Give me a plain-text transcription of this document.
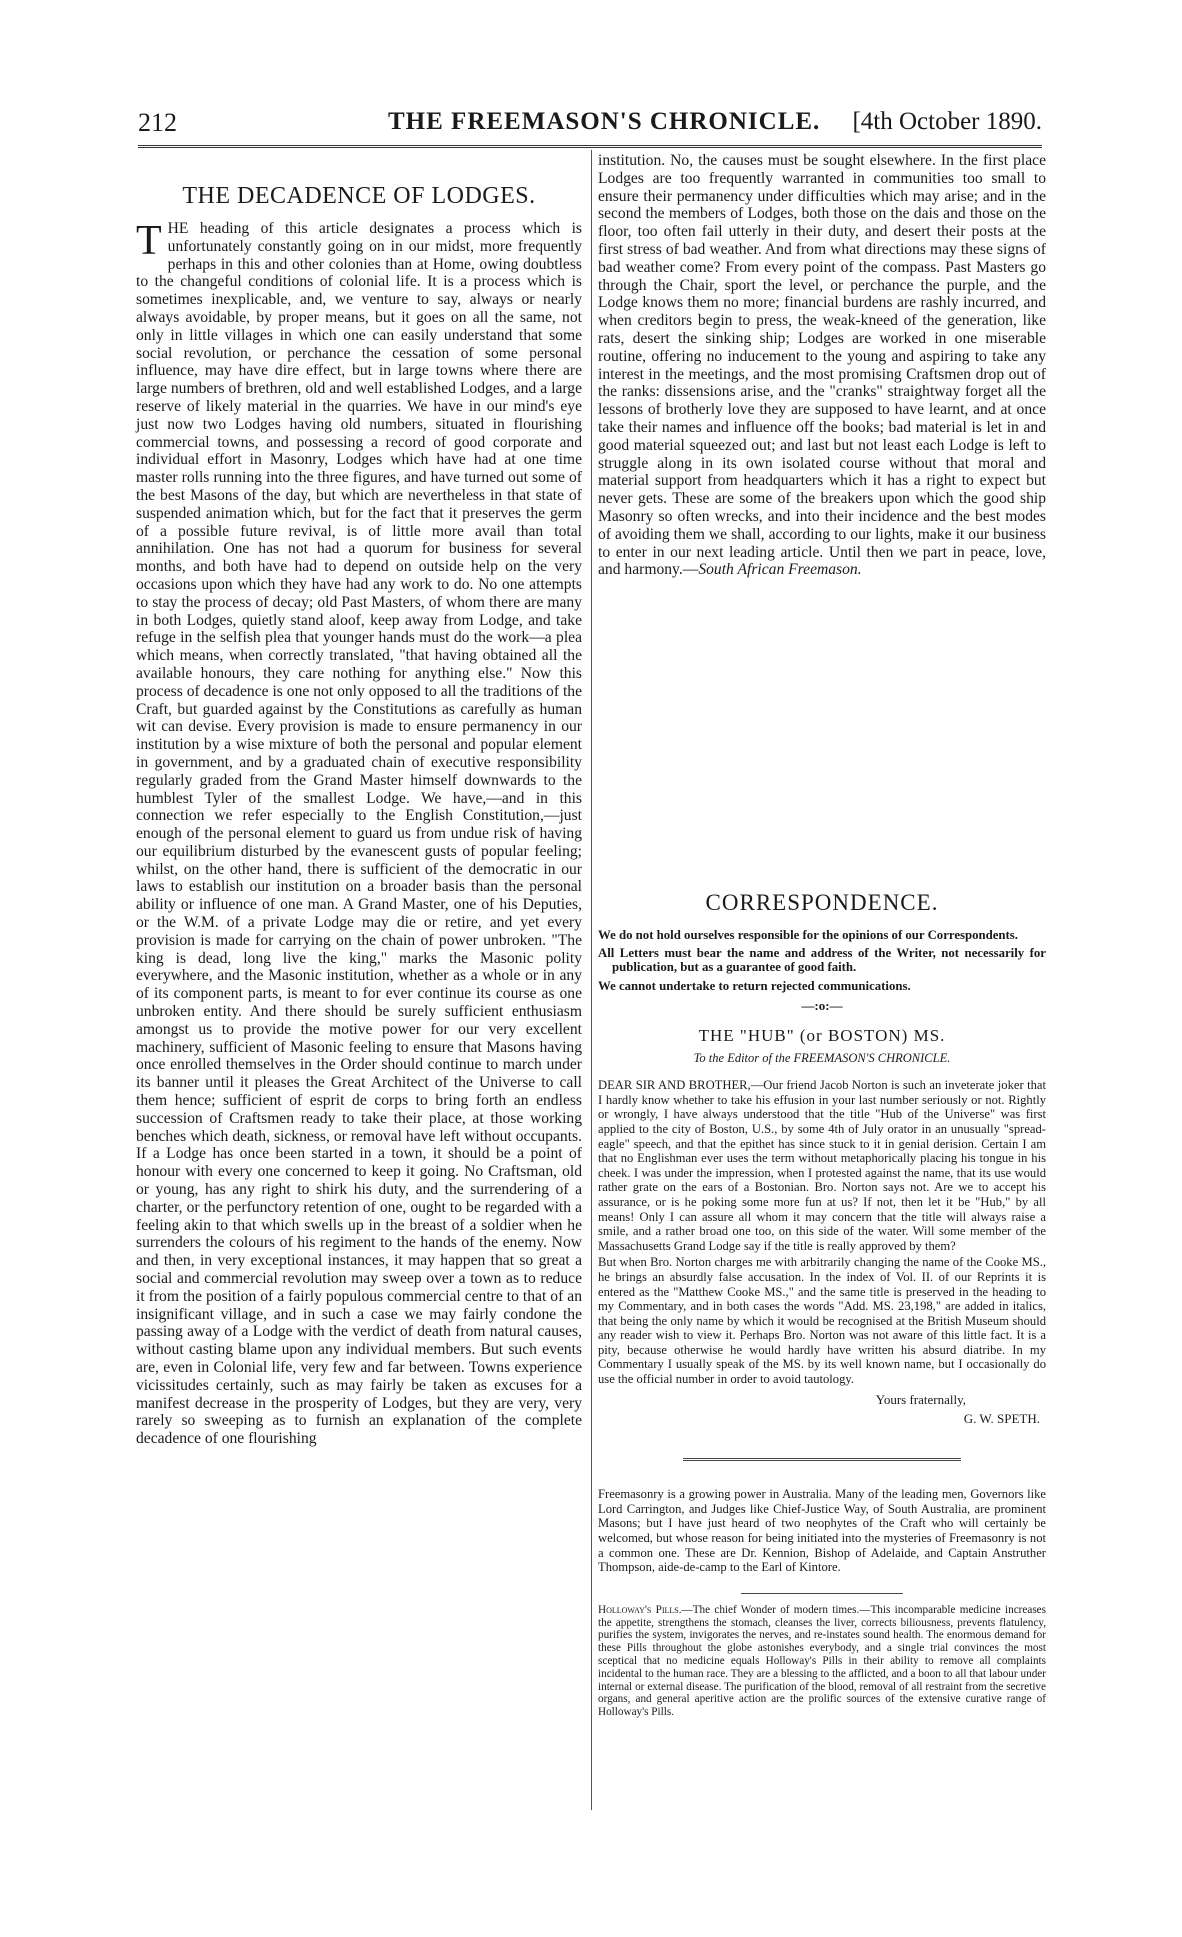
212	THE FREEMASON'S CHRONICLE. [4th October 1890.
THE DECADENCE OF LODGES.

THE heading of this article designates a process which is unfortunately constantly going on in our midst, more frequently perhaps in this and other colonies than at Home, owing doubtless to the changeful conditions of colonial life. It is a process which is sometimes inexplicable, and, we venture to say, always or nearly always avoidable, by proper means, but it goes on all the same, not only in little villages in which one can easily understand that some social revolution, or perchance the cessation of some personal influence, may have dire effect, but in large towns where there are large numbers of brethren, old and well established Lodges, and a large reserve of likely material in the quarries. We have in our mind's eye just now two Lodges having old numbers, situated in flourishing commercial towns, and possessing a record of good corporate and individual effort in Masonry, Lodges which have had at one time master rolls running into the three figures, and have turned out some of the best Masons of the day, but which are nevertheless in that state of suspended animation which, but for the fact that it preserves the germ of a possible future revival, is of little more avail than total annihilation. One has not had a quorum for business for several months, and both have had to depend on outside help on the very occasions upon which they have had any work to do. No one attempts to stay the process of decay; old Past Masters, of whom there are many in both Lodges, quietly stand aloof, keep away from Lodge, and take refuge in the selfish plea that younger hands must do the work—a plea which means, when correctly translated, "that having obtained all the available honours, they care nothing for anything else." Now this process of decadence is one not only opposed to all the traditions of the Craft, but guarded against by the Constitutions as carefully as human wit can devise. Every provision is made to ensure permanency in our institution by a wise mixture of both the personal and popular element in government, and by a graduated chain of executive responsibility regularly graded from the Grand Master himself downwards to the humblest Tyler of the smallest Lodge. We have,—and in this connection we refer especially to the English Constitution,—just enough of the personal element to guard us from undue risk of having our equilibrium disturbed by the evanescent gusts of popular feeling; whilst, on the other hand, there is sufficient of the democratic in our laws to establish our institution on a broader basis than the personal ability or influence of one man. A Grand Master, one of his Deputies, or the W.M. of a private Lodge may die or retire, and yet every provision is made for carrying on the chain of power unbroken. "The king is dead, long live the king," marks the Masonic polity everywhere, and the Masonic institution, whether as a whole or in any of its component parts, is meant to for ever continue its course as one unbroken entity. And there should be surely sufficient enthusiasm amongst us to provide the motive power for our very excellent machinery, sufficient of Masonic feeling to ensure that Masons having once enrolled themselves in the Order should continue to march under its banner until it pleases the Great Architect of the Universe to call them hence; sufficient of esprit de corps to bring forth an endless succession of Craftsmen ready to take their place, at those working benches which death, sickness, or removal have left without occupants. If a Lodge has once been started in a town, it should be a point of honour with every one concerned to keep it going. No Craftsman, old or young, has any right to shirk his duty, and the surrendering of a charter, or the perfunctory retention of one, ought to be regarded with a feeling akin to that which swells up in the breast of a soldier when he surrenders the colours of his regiment to the hands of the enemy. Now and then, in very exceptional instances, it may happen that so great a social and commercial revolution may sweep over a town as to reduce it from the position of a fairly populous commercial centre to that of an insignificant village, and in such a case we may fairly condone the passing away of a Lodge with the verdict of death from natural causes, without casting blame upon any individual members. But such events are, even in Colonial life, very few and far between. Towns experience vicissitudes certainly, such as may fairly be taken as excuses for a manifest decrease in the prosperity of Lodges, but they are very, very rarely so sweeping as to furnish an explanation of the complete decadence of one flourishing

institution. No, the causes must be sought elsewhere. In the first place Lodges are too frequently warranted in communities too small to ensure their permanency under difficulties which may arise; and in the second the members of Lodges, both those on the dais and those on the floor, too often fail utterly in their duty, and desert their posts at the first stress of bad weather. And from what directions may these signs of bad weather come? From every point of the compass. Past Masters go through the Chair, sport the level, or perchance the purple, and the Lodge knows them no more; financial burdens are rashly incurred, and when creditors begin to press, the weak-kneed of the generation, like rats, desert the sinking ship; Lodges are worked in one miserable routine, offering no inducement to the young and aspiring to take any interest in the meetings, and the most promising Craftsmen drop out of the ranks: dissensions arise, and the "cranks" straightway forget all the lessons of brotherly love they are supposed to have learnt, and at once take their names and influence off the books; bad material is let in and good material squeezed out; and last but not least each Lodge is left to struggle along in its own isolated course without that moral and material support from headquarters which it has a right to expect but never gets. These are some of the breakers upon which the good ship Masonry so often wrecks, and into their incidence and the best modes of avoiding them we shall, according to our lights, make it our business to enter in our next leading article. Until then we part in peace, love, and harmony.—South African Freemason.

CORRESPONDENCE.
We do not hold ourselves responsible for the opinions of our Correspondents.
All Letters must bear the name and address of the Writer, not necessarily for publication, but as a guarantee of good faith.
We cannot undertake to return rejected communications.
—:o:—
THE "HUB" (or BOSTON) MS.
To the Editor of the FREEMASON'S CHRONICLE.

DEAR SIR AND BROTHER,—Our friend Jacob Norton is such an inveterate joker that I hardly know whether to take his effusion in your last number seriously or not. Rightly or wrongly, I have always understood that the title "Hub of the Universe" was first applied to the city of Boston, U.S., by some 4th of July orator in an unusually "spread-eagle" speech, and that the epithet has since stuck to it in genial derision. Certain I am that no Englishman ever uses the term without metaphorically placing his tongue in his cheek. I was under the impression, when I protested against the name, that its use would rather grate on the ears of a Bostonian. Bro. Norton says not. Are we to accept his assurance, or is he poking some more fun at us? If not, then let it be "Hub," by all means! Only I can assure all whom it may concern that the title will always raise a smile, and a rather broad one too, on this side of the water. Will some member of the Massachusetts Grand Lodge say if the title is really approved by them?

But when Bro. Norton charges me with arbitrarily changing the name of the Cooke MS., he brings an absurdly false accusation. In the index of Vol. II. of our Reprints it is entered as the "Matthew Cooke MS.," and the same title is preserved in the heading to my Commentary, and in both cases the words "Add. MS. 23,198," are added in italics, that being the only name by which it would be recognised at the British Museum should any reader wish to view it. Perhaps Bro. Norton was not aware of this little fact. It is a pity, because otherwise he would hardly have written his absurd diatribe. In my Commentary I usually speak of the MS. by its well known name, but I occasionally do use the official number in order to avoid tautology.

Yours fraternally,
G. W. SPETH.

Freemasonry is a growing power in Australia. Many of the leading men, Governors like Lord Carrington, and Judges like Chief-Justice Way, of South Australia, are prominent Masons; but I have just heard of two neophytes of the Craft who will certainly be welcomed, but whose reason for being initiated into the mysteries of Freemasonry is not a common one. These are Dr. Kennion, Bishop of Adelaide, and Captain Anstruther Thompson, aide-de-camp to the Earl of Kintore.

Holloway's Pills.—The chief Wonder of modern times.—This incomparable medicine increases the appetite, strengthens the stomach, cleanses the liver, corrects biliousness, prevents flatulency, purifies the system, invigorates the nerves, and re-instates sound health. The enormous demand for these Pills throughout the globe astonishes everybody, and a single trial convinces the most sceptical that no medicine equals Holloway's Pills in their ability to remove all complaints incidental to the human race. They are a blessing to the afflicted, and a boon to all that labour under internal or external disease. The purification of the blood, removal of all restraint from the secretive organs, and general aperitive action are the prolific sources of the extensive curative range of Holloway's Pills.
